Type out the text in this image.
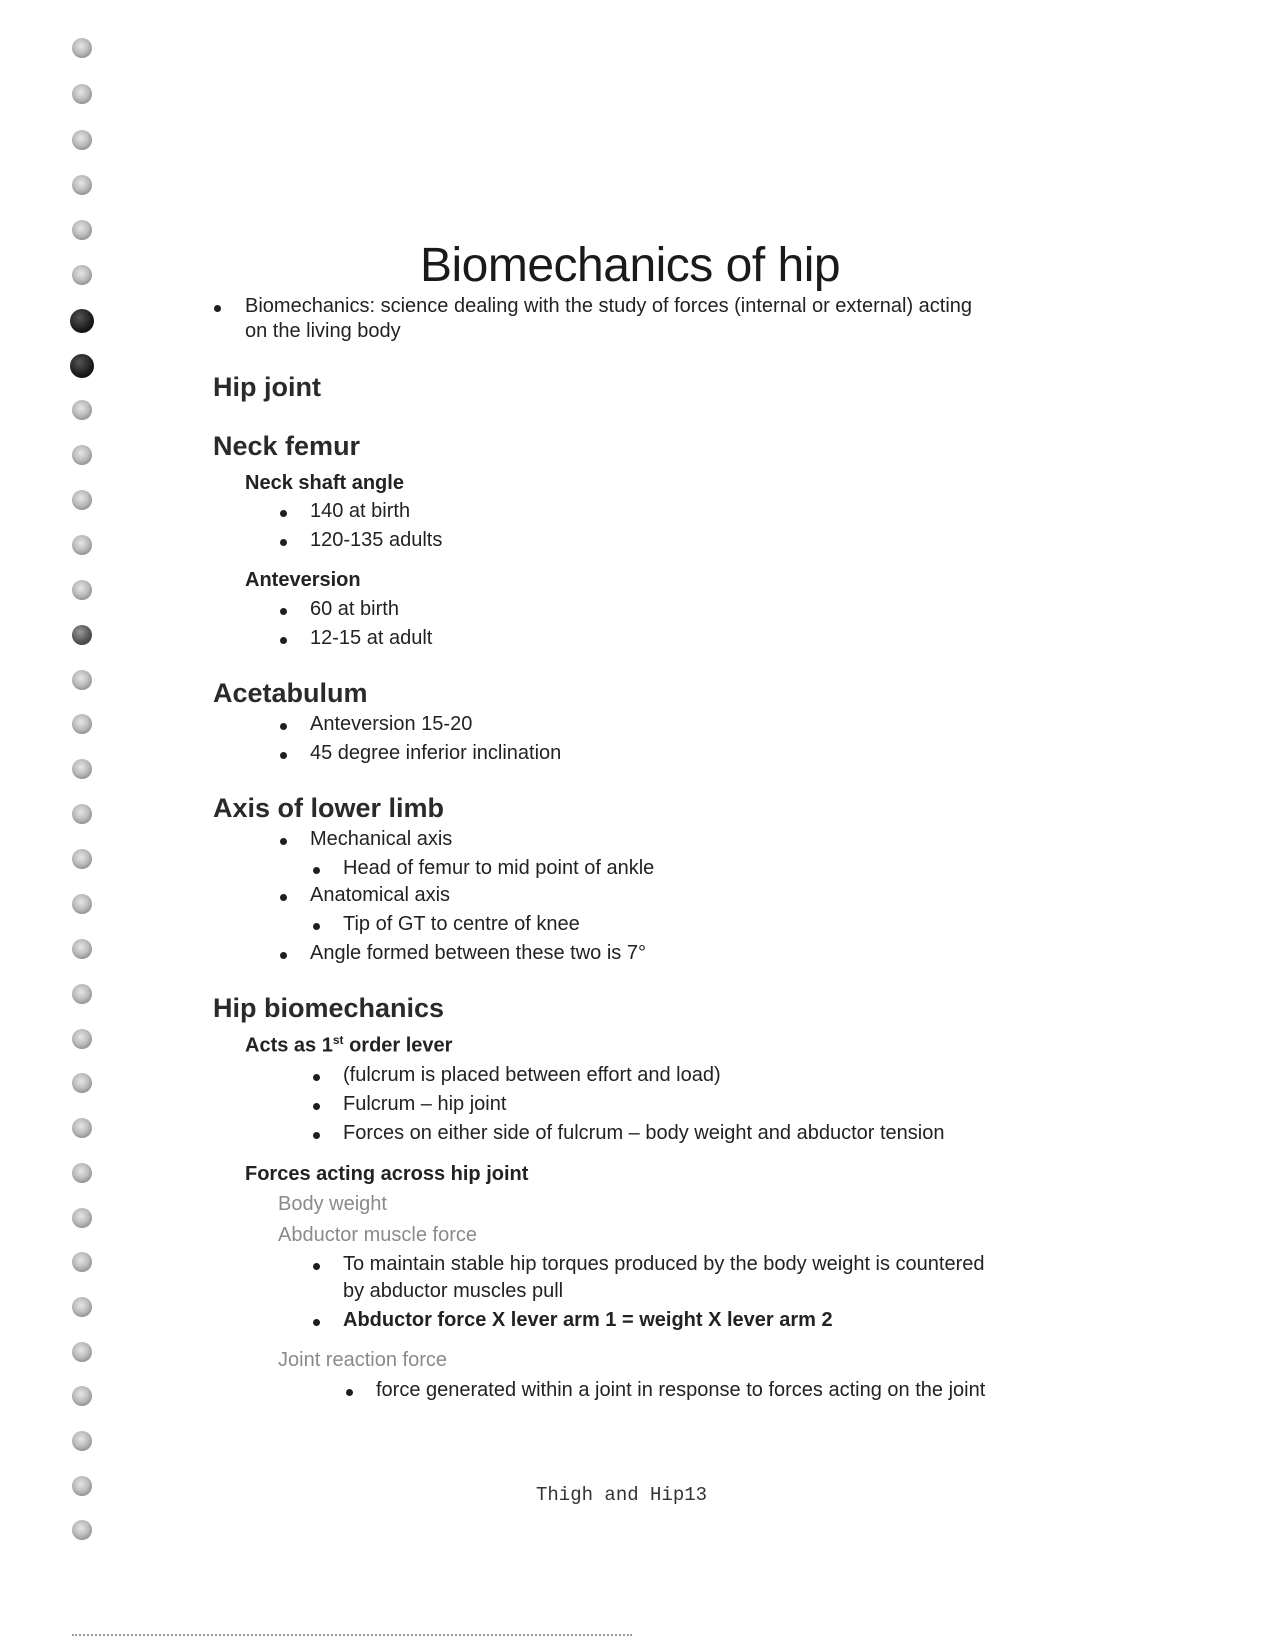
Biomechanics of hip
Biomechanics: science dealing with the study of forces (internal or external) acting
on the living body
Hip joint
Neck femur
Neck shaft angle
140 at birth
120-135 adults
Anteversion
60 at birth
12-15 at adult
Acetabulum
Anteversion 15-20
45 degree inferior inclination
Axis of lower limb
Mechanical axis
Head of femur to mid point of ankle
Anatomical axis
Tip of GT to centre of knee
Angle formed between these two is 7°
Hip biomechanics
Acts as 1st order lever
(fulcrum is placed between effort and load)
Fulcrum – hip joint
Forces on either side of fulcrum – body weight and abductor tension
Forces acting across hip joint
Body weight
Abductor muscle force
To maintain stable hip torques produced by the body weight is countered
by abductor muscles pull
Abductor force X lever arm 1 = weight X lever arm 2
Joint reaction force
force generated within a joint in response to forces acting on the joint
Thigh and Hip13
